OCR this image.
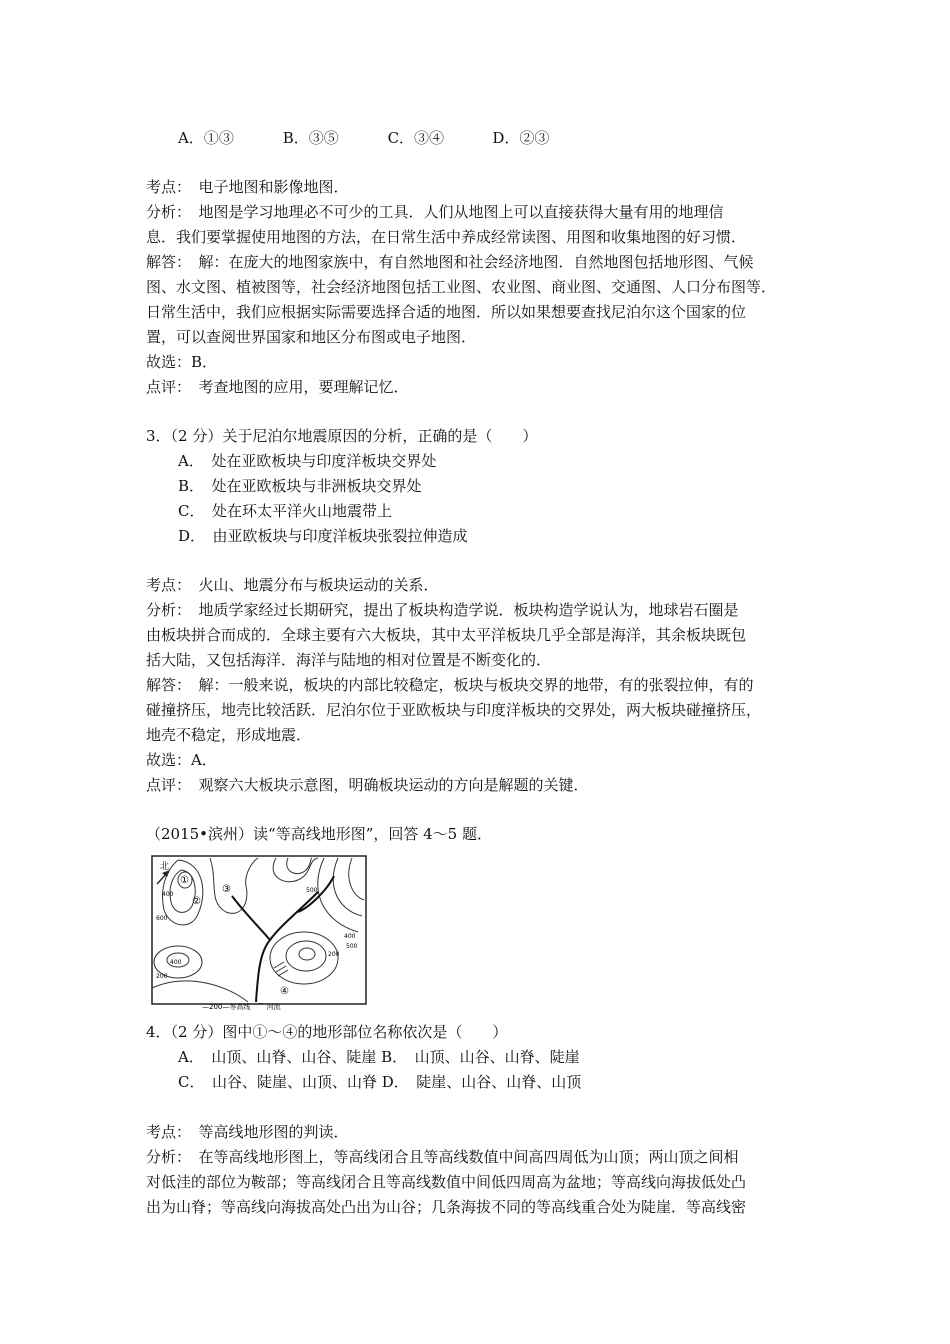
A．①③	B．③⑤	C．③④	D．②③
考点：　电子地图和影像地图．
分析：　地图是学习地理必不可少的工具．人们从地图上可以直接获得大量有用的地理信
息．我们要掌握使用地图的方法，在日常生活中养成经常读图、用图和收集地图的好习惯．
解答：　解：在庞大的地图家族中，有自然地图和社会经济地图．自然地图包括地形图、气候
图、水文图、植被图等，社会经济地图包括工业图、农业图、商业图、交通图、人口分布图等．
日常生活中，我们应根据实际需要选择合适的地图．所以如果想要查找尼泊尔这个国家的位
置，可以查阅世界国家和地区分布图或电子地图．
故选：B．
点评：　考查地图的应用，要理解记忆．
3．（2 分）关于尼泊尔地震原因的分析，正确的是（　　）
A．　处在亚欧板块与印度洋板块交界处
B．　处在亚欧板块与非洲板块交界处
C．　处在环太平洋火山地震带上
D．　由亚欧板块与印度洋板块张裂拉伸造成
考点：　火山、地震分布与板块运动的关系．
分析：　地质学家经过长期研究，提出了板块构造学说．板块构造学说认为，地球岩石圈是
由板块拼合而成的．全球主要有六大板块，其中太平洋板块几乎全部是海洋，其余板块既包
括大陆，又包括海洋．海洋与陆地的相对位置是不断变化的．
解答：　解：一般来说，板块的内部比较稳定，板块与板块交界的地带，有的张裂拉伸，有的
碰撞挤压，地壳比较活跃．尼泊尔位于亚欧板块与印度洋板块的交界处，两大板块碰撞挤压，
地壳不稳定，形成地震．
故选：A．
点评：　观察六大板块示意图，明确板块运动的方向是解题的关键．
（2015•滨州）读“等高线地形图”，回答 4～5 题．
北
①
②
③
④
400
600
500
400
200
200
400
500
—200—等高线　⌒ 河流
4．（2 分）图中①～④的地形部位名称依次是（　　）
A．　山顶、山脊、山谷、陡崖 B．　山顶、山谷、山脊、陡崖
C．　山谷、陡崖、山顶、山脊 D．　陡崖、山谷、山脊、山顶
考点：　等高线地形图的判读．
分析：　在等高线地形图上，等高线闭合且等高线数值中间高四周低为山顶；两山顶之间相
对低洼的部位为鞍部；等高线闭合且等高线数值中间低四周高为盆地；等高线向海拔低处凸
出为山脊；等高线向海拔高处凸出为山谷；几条海拔不同的等高线重合处为陡崖．等高线密
